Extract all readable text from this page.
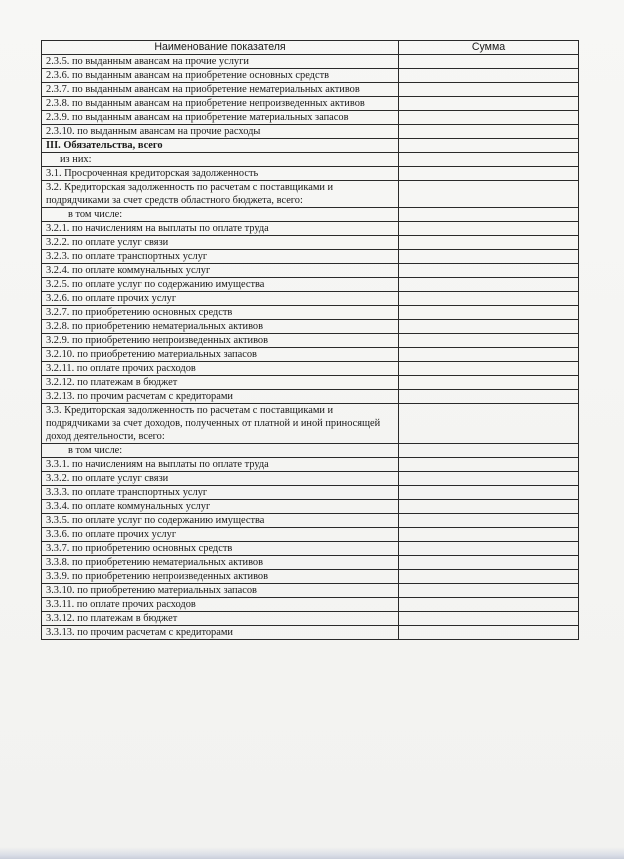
Наименование показателя	Сумма
2.3.5. по выданным авансам на прочие услуги	
2.3.6. по выданным авансам на приобретение основных средств	
2.3.7. по выданным авансам на приобретение нематериальных активов	
2.3.8. по выданным авансам на приобретение непроизведенных активов	
2.3.9. по выданным авансам на приобретение материальных запасов	
2.3.10. по выданным авансам на прочие расходы	
III. Обязательства, всего	
из них:	
3.1. Просроченная кредиторская задолженность	
3.2. Кредиторская задолженность по расчетам с поставщиками и подрядчиками за счет средств областного бюджета, всего:	
в том числе:	
3.2.1. по начислениям на выплаты по оплате труда	
3.2.2. по оплате услуг связи	
3.2.3. по оплате транспортных услуг	
3.2.4. по оплате коммунальных услуг	
3.2.5. по оплате услуг по содержанию имущества	
3.2.6. по оплате прочих услуг	
3.2.7. по приобретению основных средств	
3.2.8. по приобретению нематериальных активов	
3.2.9. по приобретению непроизведенных активов	
3.2.10. по приобретению материальных запасов	
3.2.11. по оплате прочих расходов	
3.2.12. по платежам в бюджет	
3.2.13. по прочим расчетам с кредиторами	
3.3. Кредиторская задолженность по расчетам с поставщиками и подрядчиками за счет доходов, полученных от платной и иной приносящей доход деятельности, всего:	
в том числе:	
3.3.1. по начислениям на выплаты по оплате труда	
3.3.2. по оплате услуг связи	
3.3.3. по оплате транспортных услуг	
3.3.4. по оплате коммунальных услуг	
3.3.5. по оплате услуг по содержанию имущества	
3.3.6. по оплате прочих услуг	
3.3.7. по приобретению основных средств	
3.3.8. по приобретению нематериальных активов	
3.3.9. по приобретению непроизведенных активов	
3.3.10. по приобретению материальных запасов	
3.3.11. по оплате прочих расходов	
3.3.12. по платежам в бюджет	
3.3.13. по прочим расчетам с кредиторами	
